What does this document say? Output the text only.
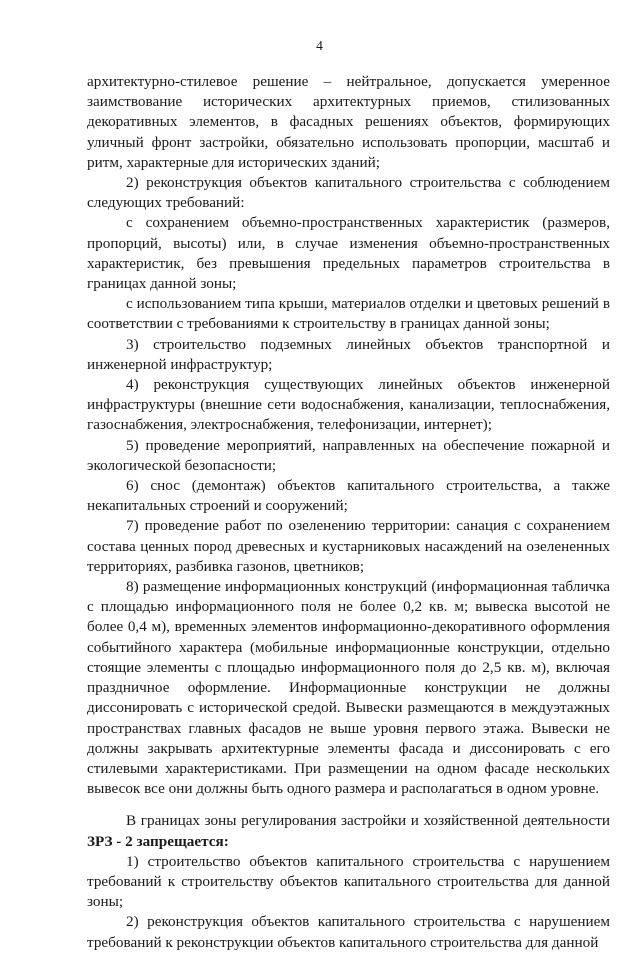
4

архитектурно-стилевое решение – нейтральное, допускается умеренное заимствование исторических архитектурных приемов, стилизованных декоративных элементов, в фасадных решениях объектов, формирующих уличный фронт застройки, обязательно использовать пропорции, масштаб и ритм, характерные для исторических зданий;

2) реконструкция объектов капитального строительства с соблюдением следующих требований:

с сохранением объемно-пространственных характеристик (размеров, пропорций, высоты) или, в случае изменения объемно-пространственных характеристик, без превышения предельных параметров строительства в границах данной зоны;

с использованием типа крыши, материалов отделки и цветовых решений в соответствии с требованиями к строительству в границах данной зоны;

3) строительство подземных линейных объектов транспортной и инженерной инфраструктур;

4) реконструкция существующих линейных объектов инженерной инфраструктуры (внешние сети водоснабжения, канализации, теплоснабжения, газоснабжения, электроснабжения, телефонизации, интернет);

5) проведение мероприятий, направленных на обеспечение пожарной и экологической безопасности;

6) снос (демонтаж) объектов капитального строительства, а также некапитальных строений и сооружений;

7) проведение работ по озеленению территории: санация с сохранением состава ценных пород древесных и кустарниковых насаждений на озелененных территориях, разбивка газонов, цветников;

8) размещение информационных конструкций (информационная табличка с площадью информационного поля не более 0,2 кв. м; вывеска высотой не более 0,4 м), временных элементов информационно-декоративного оформления событийного характера (мобильные информационные конструкции, отдельно стоящие элементы с площадью информационного поля до 2,5 кв. м), включая праздничное оформление. Информационные конструкции не должны диссонировать с исторической средой. Вывески размещаются в междуэтажных пространствах главных фасадов не выше уровня первого этажа. Вывески не должны закрывать архитектурные элементы фасада и диссонировать с его стилевыми характеристиками. При размещении на одном фасаде нескольких вывесок все они должны быть одного размера и располагаться в одном уровне.

В границах зоны регулирования застройки и хозяйственной деятельности ЗРЗ - 2 запрещается:

1) строительство объектов капитального строительства с нарушением требований к строительству объектов капитального строительства для данной зоны;

2) реконструкция объектов капитального строительства с нарушением требований к реконструкции объектов капитального строительства для данной
